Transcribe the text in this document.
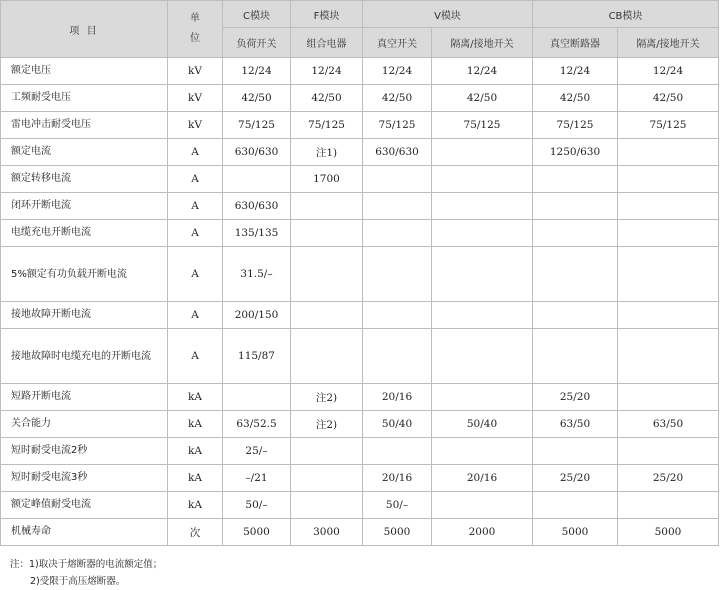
项 目	单
位	C模块	F模块	V模块		CB模块	
		负荷开关	组合电器	真空开关	隔离/接地开关	真空断路器	隔离/接地开关
额定电压	kV	12/24	12/24	12/24	12/24	12/24	12/24
工频耐受电压	kV	42/50	42/50	42/50	42/50	42/50	42/50
雷电冲击耐受电压	kV	75/125	75/125	75/125	75/125	75/125	75/125
额定电流	A	630/630	注1)	630/630		1250/630	
额定转移电流	A		1700				
闭环开断电流	A	630/630					
电缆充电开断电流	A	135/135					
5%额定有功负载开断电流	A	31.5/–					
接地故障开断电流	A	200/150					
接地故障时电缆充电的开断电流	A	115/87					
短路开断电流	kA		注2)	20/16		25/20	
关合能力	kA	63/52.5	注2)	50/40	50/40	63/50	63/50
短时耐受电流2秒	kA	25/–					
短时耐受电流3秒	kA	–/21		20/16	20/16	25/20	25/20
额定峰值耐受电流	kA	50/–		50/–			
机械寿命	次	5000	3000	5000	2000	5000	5000
注：1)取决于熔断器的电流额定值；
2)受限于高压熔断器。
